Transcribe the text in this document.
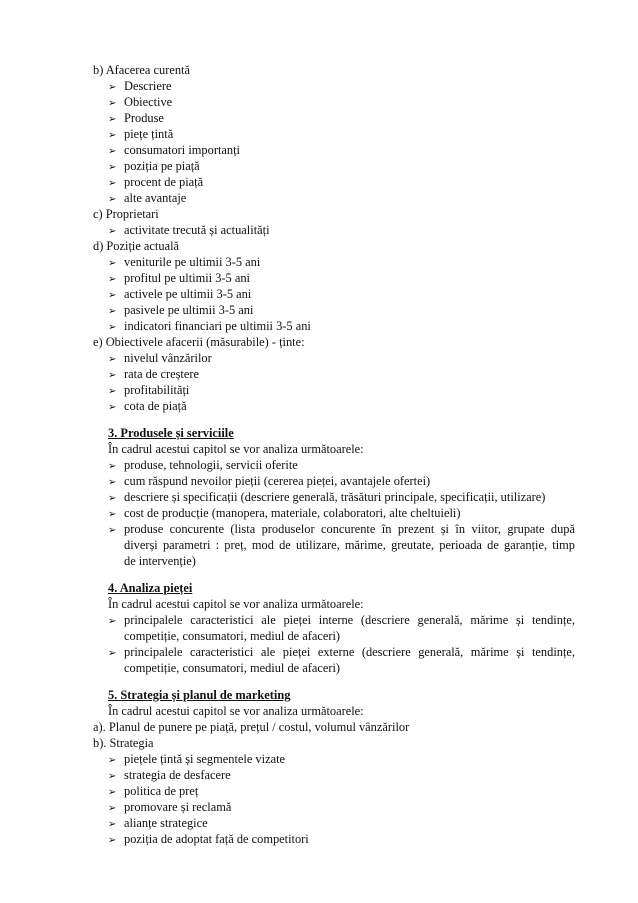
b) Afacerea curentă
➢ Descriere
➢ Obiective
➢ Produse
➢ piețe țintă
➢ consumatori importanți
➢ poziția pe piață
➢ procent de piață
➢ alte avantaje
c) Proprietari
➢ activitate trecută și actualități
d) Poziție actuală
➢ veniturile pe ultimii 3-5 ani
➢ profitul pe ultimii 3-5 ani
➢ activele pe ultimii 3-5 ani
➢ pasivele pe ultimii 3-5 ani
➢ indicatori financiari pe ultimii 3-5 ani
e) Obiectivele afacerii (măsurabile) - ținte:
➢ nivelul vânzărilor
➢ rata de creștere
➢ profitabilități
➢ cota de piață
3. Produsele și serviciile
În cadrul acestui capitol se vor analiza următoarele:
➢ produse, tehnologii, servicii oferite
➢ cum răspund nevoilor pieții (cererea pieței, avantajele ofertei)
➢ descriere și specificații (descriere generală, trăsături principale, specificații, utilizare)
➢ cost de producție (manopera, materiale, colaboratori, alte cheltuieli)
➢ produse concurente (lista produselor concurente în prezent și în viitor, grupate după
diverși parametri : preț, mod de utilizare, mărime, greutate, perioada de garanție, timp
de intervenție)
4. Analiza pieței
În cadrul acestui capitol se vor analiza următoarele:
➢ principalele caracteristici ale pieței interne (descriere generală, mărime și tendințe,
competiție, consumatori, mediul de afaceri)
➢ principalele caracteristici ale pieței externe (descriere generală, mărime și tendințe,
competiție, consumatori, mediul de afaceri)
5. Strategia și planul de marketing
În cadrul acestui capitol se vor analiza următoarele:
a). Planul de punere pe piață, prețul / costul, volumul vânzărilor
b). Strategia
➢ piețele țintă și segmentele vizate
➢ strategia de desfacere
➢ politica de preț
➢ promovare și reclamă
➢ alianțe strategice
➢ poziția de adoptat față de competitori
